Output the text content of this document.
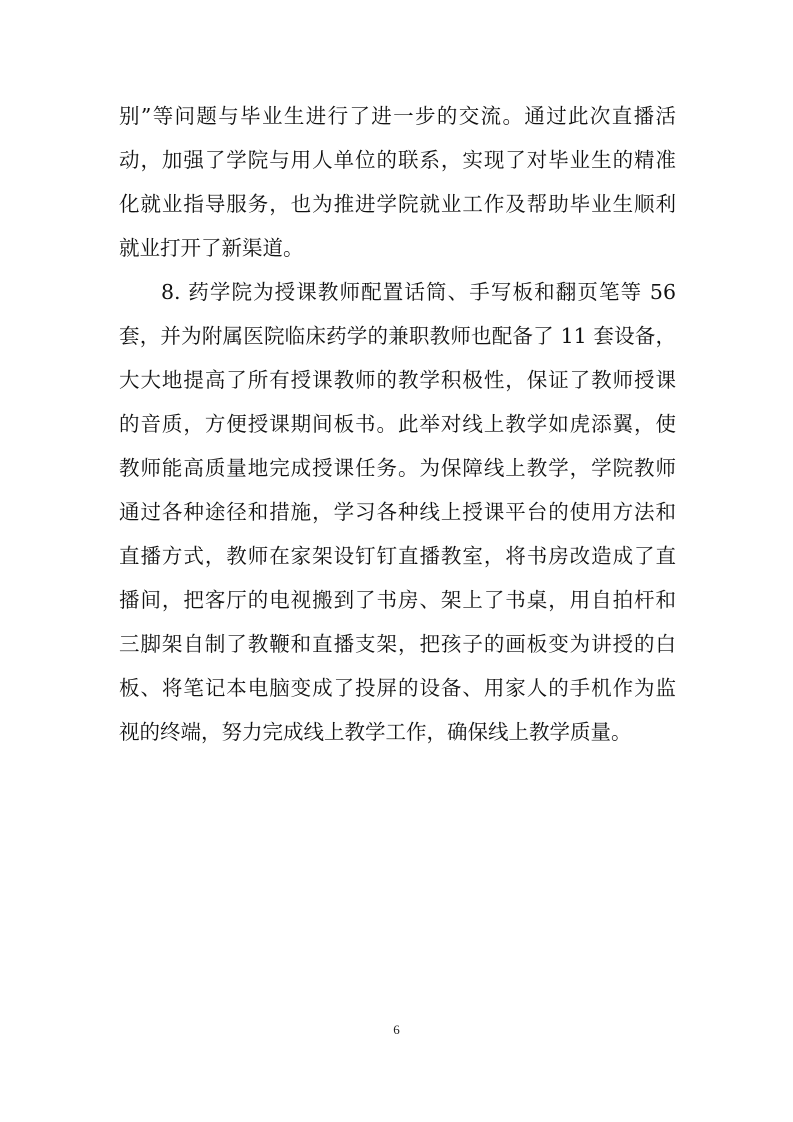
别”等问题与毕业生进行了进一步的交流。通过此次直播活
动，加强了学院与用人单位的联系，实现了对毕业生的精准
化就业指导服务，也为推进学院就业工作及帮助毕业生顺利
就业打开了新渠道。
8. 药学院为授课教师配置话筒、手写板和翻页笔等 56
套，并为附属医院临床药学的兼职教师也配备了 11 套设备，
大大地提高了所有授课教师的教学积极性，保证了教师授课
的音质，方便授课期间板书。此举对线上教学如虎添翼，使
教师能高质量地完成授课任务。为保障线上教学，学院教师
通过各种途径和措施，学习各种线上授课平台的使用方法和
直播方式，教师在家架设钉钉直播教室，将书房改造成了直
播间，把客厅的电视搬到了书房、架上了书桌，用自拍杆和
三脚架自制了教鞭和直播支架，把孩子的画板变为讲授的白
板、将笔记本电脑变成了投屏的设备、用家人的手机作为监
视的终端，努力完成线上教学工作，确保线上教学质量。
6
